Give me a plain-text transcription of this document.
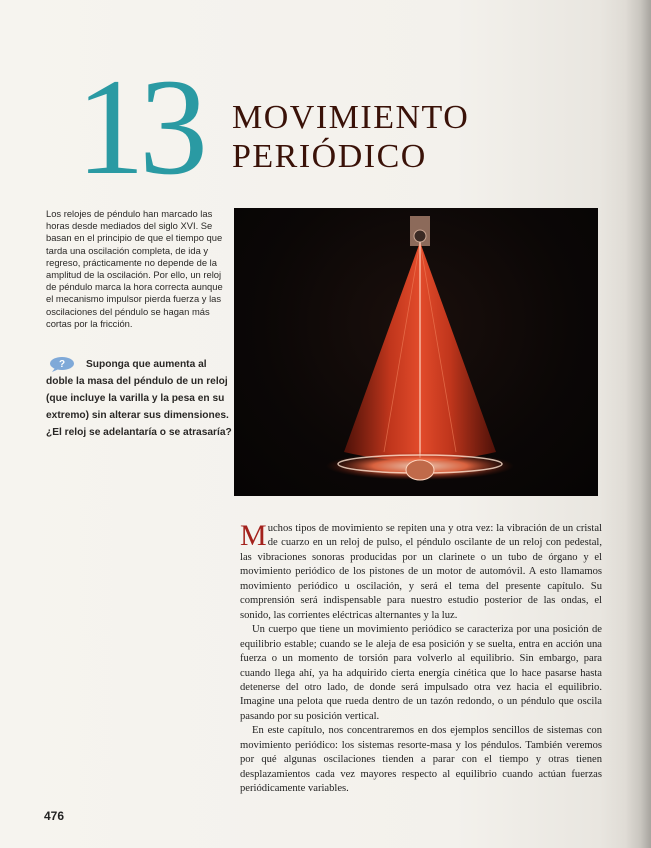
13 MOVIMIENTO
PERIÓDICO
Los relojes de péndulo han marcado las horas desde mediados del siglo XVI. Se basan en el principio de que el tiempo que tarda una oscilación completa, de ida y regreso, prácticamente no depende de la amplitud de la oscilación. Por ello, un reloj de péndulo marca la hora correcta aunque el mecanismo impulsor pierda fuerza y las oscilaciones del péndulo se hagan más cortas por la fricción.
?	Suponga que aumenta al doble la masa del péndulo de un reloj (que incluye la varilla y la pesa en su extremo) sin alterar sus dimensiones. ¿El reloj se adelantaría o se atrasaría?

Muchos tipos de movimiento se repiten una y otra vez: la vibración de un cristal de cuarzo en un reloj de pulso, el péndulo oscilante de un reloj con pedestal, las vibraciones sonoras producidas por un clarinete o un tubo de órgano y el movimiento periódico de los pistones de un motor de automóvil. A esto llamamos movimiento periódico u oscilación, y será el tema del presente capítulo. Su comprensión será indispensable para nuestro estudio posterior de las ondas, el sonido, las corrientes eléctricas alternantes y la luz.

Un cuerpo que tiene un movimiento periódico se caracteriza por una posición de equilibrio estable; cuando se le aleja de esa posición y se suelta, entra en acción una fuerza o un momento de torsión para volverlo al equilibrio. Sin embargo, para cuando llega ahí, ya ha adquirido cierta energía cinética que lo hace pasarse hasta detenerse del otro lado, de donde será impulsado otra vez hacia el equilibrio. Imagine una pelota que rueda dentro de un tazón redondo, o un péndulo que oscila pasando por su posición vertical.

En este capítulo, nos concentraremos en dos ejemplos sencillos de sistemas con movimiento periódico: los sistemas resorte-masa y los péndulos. También veremos por qué algunas oscilaciones tienden a parar con el tiempo y otras tienen desplazamientos cada vez mayores respecto al equilibrio cuando actúan fuerzas periódicamente variables.

476
